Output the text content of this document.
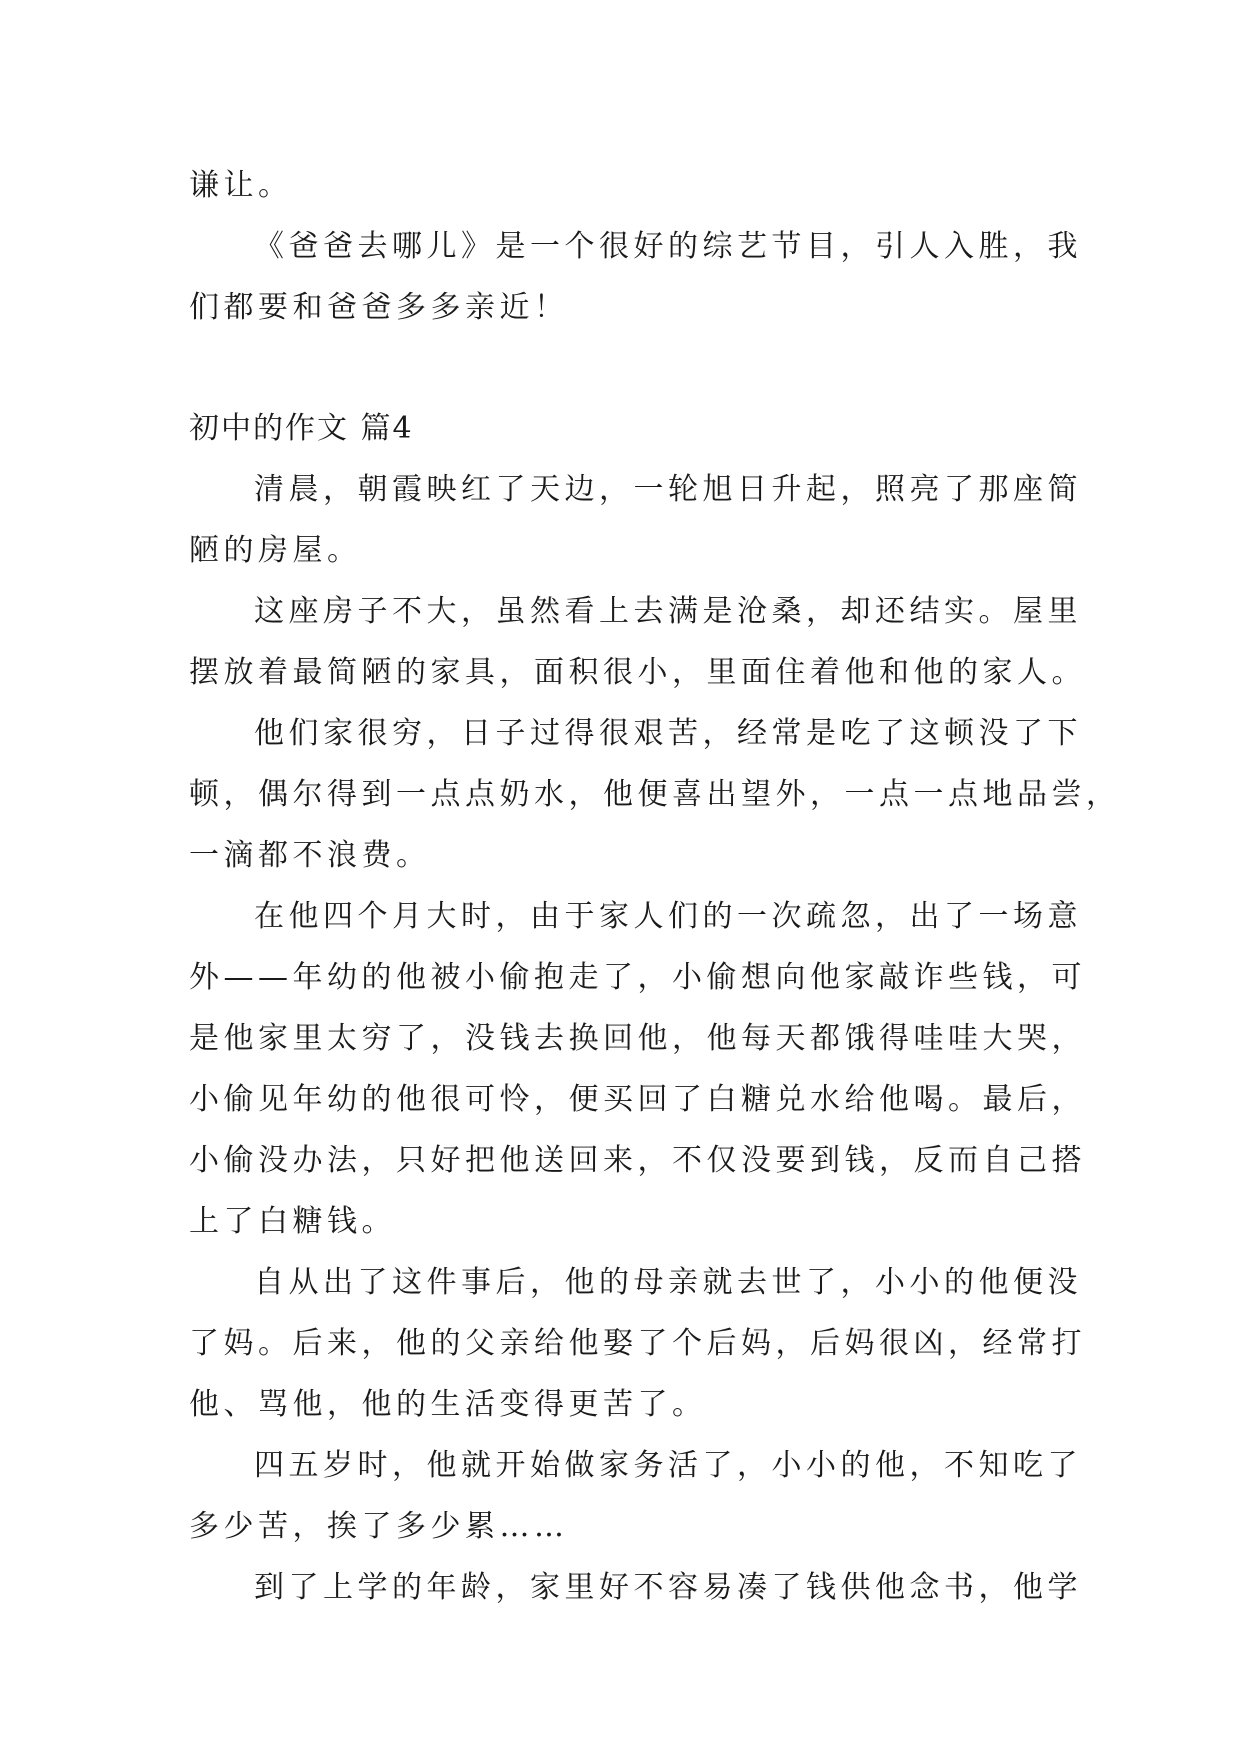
谦让。
《爸爸去哪儿》是一个很好的综艺节目，引人入胜，我
们都要和爸爸多多亲近！
初中的作文 篇4
清晨，朝霞映红了天边，一轮旭日升起，照亮了那座简
陋的房屋。
这座房子不大，虽然看上去满是沧桑，却还结实。屋里
摆放着最简陋的家具，面积很小，里面住着他和他的家人。
他们家很穷，日子过得很艰苦，经常是吃了这顿没了下
顿，偶尔得到一点点奶水，他便喜出望外，一点一点地品尝，
一滴都不浪费。
在他四个月大时，由于家人们的一次疏忽，出了一场意
外——年幼的他被小偷抱走了，小偷想向他家敲诈些钱，可
是他家里太穷了，没钱去换回他，他每天都饿得哇哇大哭，
小偷见年幼的他很可怜，便买回了白糖兑水给他喝。最后，
小偷没办法，只好把他送回来，不仅没要到钱，反而自己搭
上了白糖钱。
自从出了这件事后，他的母亲就去世了，小小的他便没
了妈。后来，他的父亲给他娶了个后妈，后妈很凶，经常打
他、骂他，他的生活变得更苦了。
四五岁时，他就开始做家务活了，小小的他，不知吃了
多少苦，挨了多少累……
到了上学的年龄，家里好不容易凑了钱供他念书，他学
